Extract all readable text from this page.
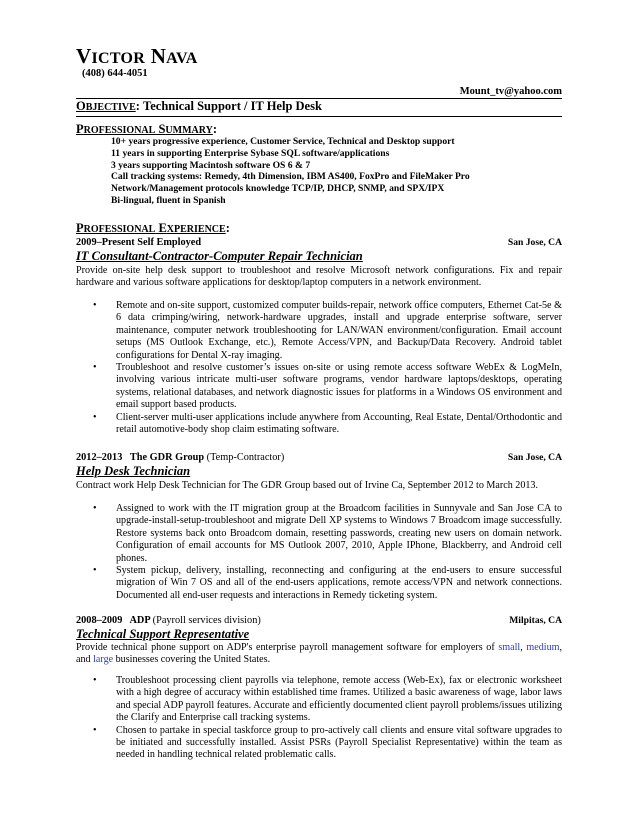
VICTOR NAVA
(408) 644-4051
Mount_tv@yahoo.com
OBJECTIVE: Technical Support / IT Help Desk
PROFESSIONAL SUMMARY:
10+ years progressive experience, Customer Service, Technical and Desktop support
11 years in supporting Enterprise Sybase SQL software/applications
3 years supporting Macintosh software OS 6 & 7
Call tracking systems: Remedy, 4th Dimension, IBM AS400, FoxPro and FileMaker Pro
Network/Management protocols knowledge TCP/IP, DHCP, SNMP, and SPX/IPX
Bi-lingual, fluent in Spanish
PROFESSIONAL EXPERIENCE:
2009–Present Self Employed	San Jose, CA
IT Consultant-Contractor-Computer Repair Technician
Provide on-site help desk support to troubleshoot and resolve Microsoft network configurations. Fix and repair hardware and various software applications for desktop/laptop computers in a network environment.
• Remote and on-site support, customized computer builds-repair, network office computers, Ethernet Cat-5e & 6 data crimping/wiring, network-hardware upgrades, install and upgrade enterprise software, server maintenance, computer network troubleshooting for LAN/WAN environment/configuration. Email account setups (MS Outlook Exchange, etc.), Remote Access/VPN, and Backup/Data Recovery. Android tablet configurations for Dental X-ray imaging.
• Troubleshoot and resolve customer’s issues on-site or using remote access software WebEx & LogMeIn, involving various intricate multi-user software programs, vendor hardware laptops/desktops, operating systems, relational databases, and network diagnostic issues for platforms in a Windows OS environment and email support based products.
• Client-server multi-user applications include anywhere from Accounting, Real Estate, Dental/Orthodontic and retail automotive-body shop claim estimating software.
2012–2013 The GDR Group (Temp-Contractor)	San Jose, CA
Help Desk Technician
Contract work Help Desk Technician for The GDR Group based out of Irvine Ca, September 2012 to March 2013.
• Assigned to work with the IT migration group at the Broadcom facilities in Sunnyvale and San Jose CA to upgrade-install-setup-troubleshoot and migrate Dell XP systems to Windows 7 Broadcom image successfully. Restore systems back onto Broadcom domain, resetting passwords, creating new users on domain network. Configuration of email accounts for MS Outlook 2007, 2010, Apple IPhone, Blackberry, and Android cell phones.
• System pickup, delivery, installing, reconnecting and configuring at the end-users to ensure successful migration of Win 7 OS and all of the end-users applications, remote access/VPN and network connections. Documented all end-user requests and interactions in Remedy ticketing system.
2008–2009 ADP (Payroll services division)	Milpitas, CA
Technical Support Representative
Provide technical phone support on ADP's enterprise payroll management software for employers of small, medium, and large businesses covering the United States.
• Troubleshoot processing client payrolls via telephone, remote access (Web-Ex), fax or electronic worksheet with a high degree of accuracy within established time frames. Utilized a basic awareness of wage, labor laws and special ADP payroll features. Accurate and efficiently documented client payroll problems/issues utilizing the Clarify and Enterprise call tracking systems.
• Chosen to partake in special taskforce group to pro-actively call clients and ensure vital software upgrades to be initiated and successfully installed. Assist PSRs (Payroll Specialist Representative) within the team as needed in handling technical related problematic calls.
